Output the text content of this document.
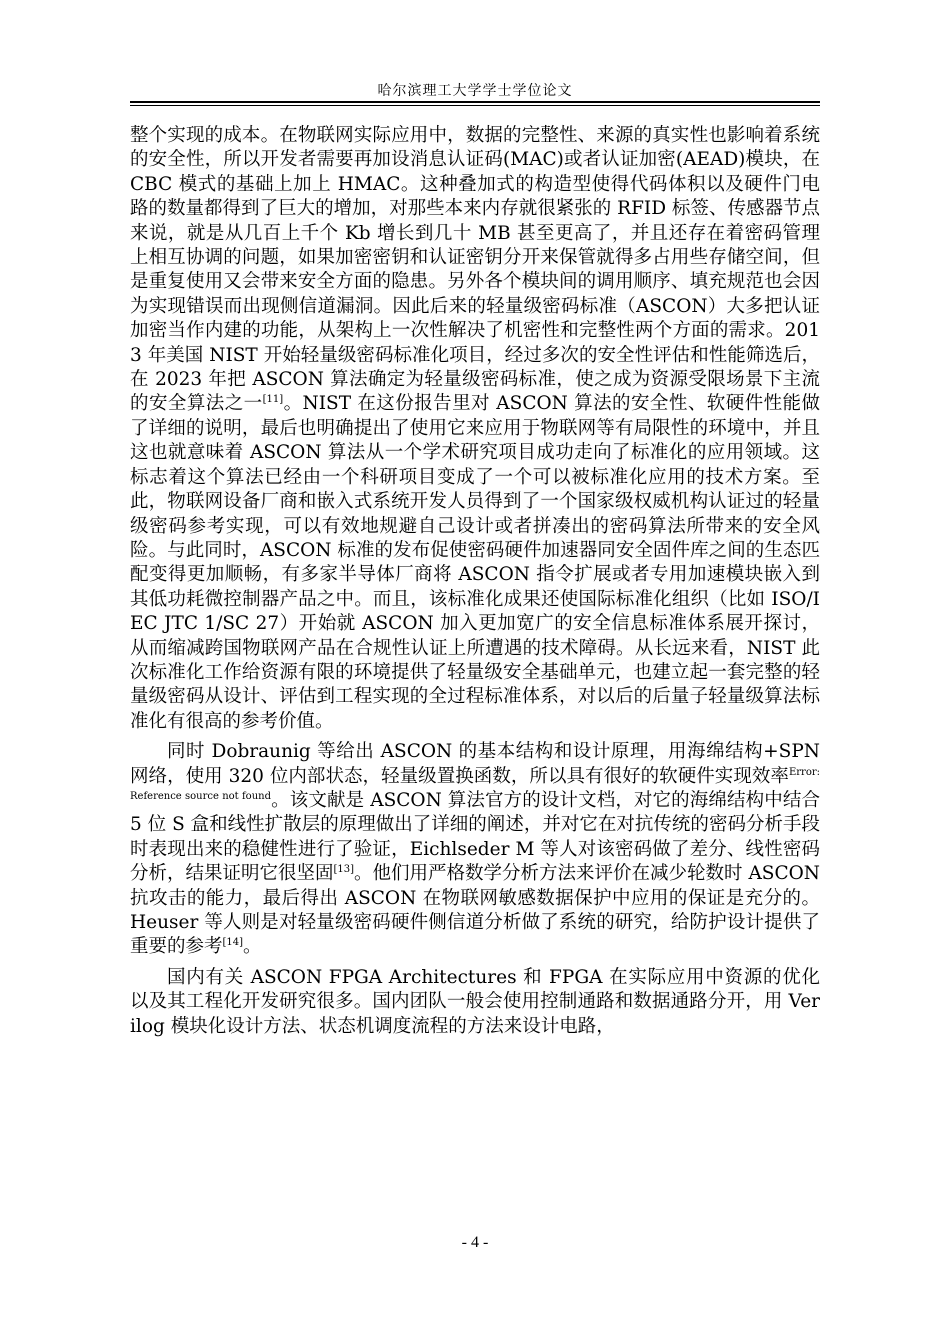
哈尔滨理工大学学士学位论文

整个实现的成本。在物联网实际应用中，数据的完整性、来源的真实性也影响着系统的安全性，所以开发者需要再加设消息认证码(MAC)或者认证加密(AEAD)模块，在 CBC 模式的基础上加上 HMAC。这种叠加式的构造型使得代码体积以及硬件门电路的数量都得到了巨大的增加，对那些本来内存就很紧张的 RFID 标签、传感器节点来说，就是从几百上千个 Kb 增长到几十 MB 甚至更高了，并且还存在着密码管理上相互协调的问题，如果加密密钥和认证密钥分开来保管就得多占用些存储空间，但是重复使用又会带来安全方面的隐患。另外各个模块间的调用顺序、填充规范也会因为实现错误而出现侧信道漏洞。因此后来的轻量级密码标准（ASCON）大多把认证加密当作内建的功能，从架构上一次性解决了机密性和完整性两个方面的需求。2013 年美国 NIST 开始轻量级密码标准化项目，经过多次的安全性评估和性能筛选后，在 2023 年把 ASCON 算法确定为轻量级密码标准，使之成为资源受限场景下主流的安全算法之一[11]。NIST 在这份报告里对 ASCON 算法的安全性、软硬件性能做了详细的说明，最后也明确提出了使用它来应用于物联网等有局限性的环境中，并且这也就意味着 ASCON 算法从一个学术研究项目成功走向了标准化的应用领域。这标志着这个算法已经由一个科研项目变成了一个可以被标准化应用的技术方案。至此，物联网设备厂商和嵌入式系统开发人员得到了一个国家级权威机构认证过的轻量级密码参考实现，可以有效地规避自己设计或者拼凑出的密码算法所带来的安全风险。与此同时，ASCON 标准的发布促使密码硬件加速器同安全固件库之间的生态匹配变得更加顺畅，有多家半导体厂商将 ASCON 指令扩展或者专用加速模块嵌入到其低功耗微控制器产品之中。而且，该标准化成果还使国际标准化组织（比如 ISO/IEC JTC 1/SC 27）开始就 ASCON 加入更加宽广的安全信息标准体系展开探讨，从而缩减跨国物联网产品在合规性认证上所遭遇的技术障碍。从长远来看，NIST 此次标准化工作给资源有限的环境提供了轻量级安全基础单元，也建立起一套完整的轻量级密码从设计、评估到工程实现的全过程标准体系，对以后的后量子轻量级算法标准化有很高的参考价值。

同时 Dobraunig 等给出 ASCON 的基本结构和设计原理，用海绵结构+SPN 网络，使用 320 位内部状态，轻量级置换函数，所以具有很好的软硬件实现效率$^{Error: Reference source not found}$。该文献是 ASCON 算法官方的设计文档，对它的海绵结构中结合 5 位 S 盒和线性扩散层的原理做出了详细的阐述，并对它在对抗传统的密码分析手段时表现出来的稳健性进行了验证，Eichlseder M 等人对该密码做了差分、线性密码分析，结果证明它很坚固[13]。他们用严格数学分析方法来评价在减少轮数时 ASCON 抗攻击的能力，最后得出 ASCON 在物联网敏感数据保护中应用的保证是充分的。Heuser 等人则是对轻量级密码硬件侧信道分析做了系统的研究，给防护设计提供了重要的参考[14]。

国内有关 ASCON FPGA Architectures 和 FPGA 在实际应用中资源的优化以及其工程化开发研究很多。国内团队一般会使用控制通路和数据通路分开，用 Verilog 模块化设计方法、状态机调度流程的方法来设计电路，

- 4 -
